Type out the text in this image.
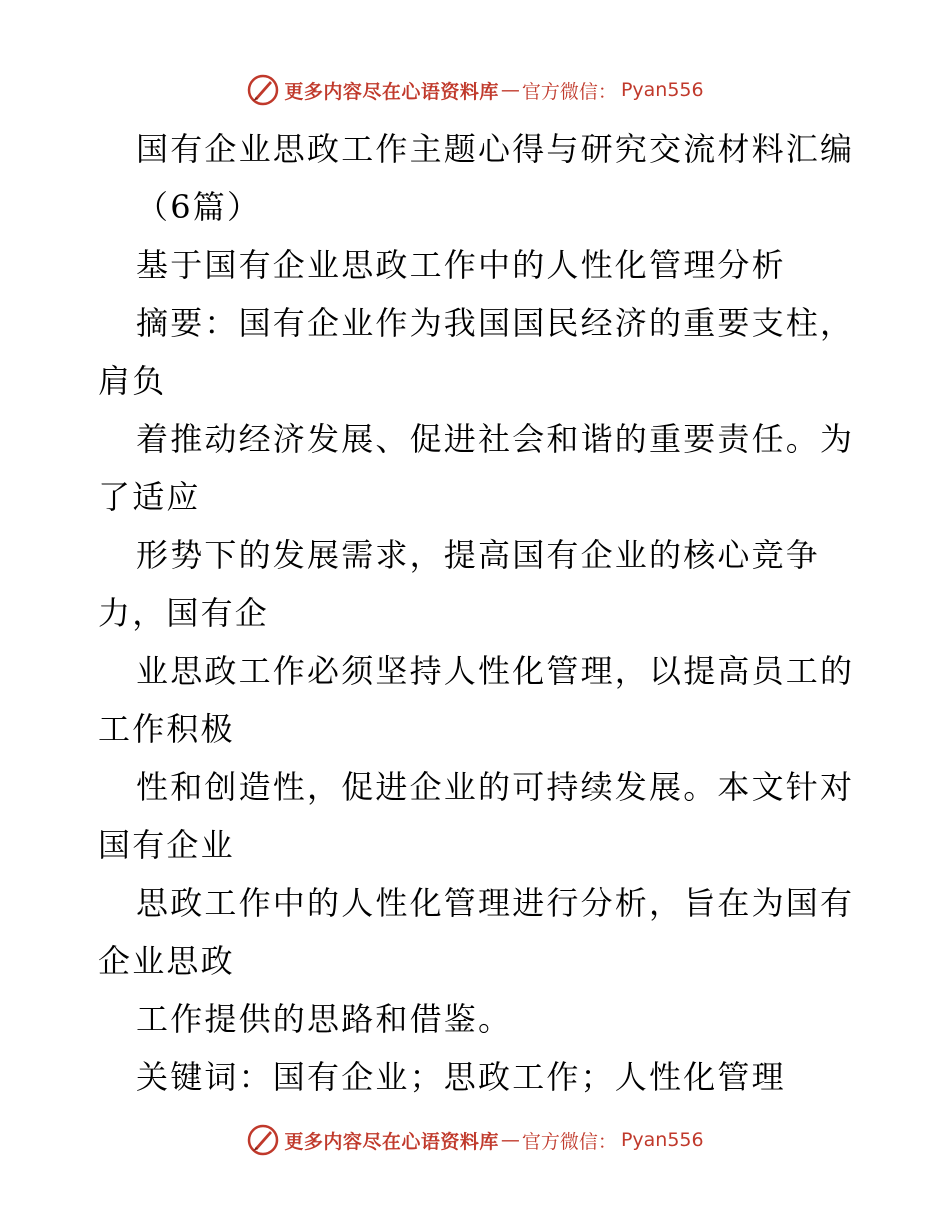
更多内容尽在心语资料库 — 官方微信： Pyan556
国有企业思政工作主题心得与研究交流材料汇编
（6篇）
基于国有企业思政工作中的人性化管理分析
摘要：国有企业作为我国国民经济的重要支柱，
肩负
着推动经济发展、促进社会和谐的重要责任。为
了适应
形势下的发展需求，提高国有企业的核心竞争
力，国有企
业思政工作必须坚持人性化管理，以提高员工的
工作积极
性和创造性，促进企业的可持续发展。本文针对
国有企业
思政工作中的人性化管理进行分析，旨在为国有
企业思政
工作提供的思路和借鉴。
关键词：国有企业；思政工作；人性化管理
更多内容尽在心语资料库 — 官方微信： Pyan556
